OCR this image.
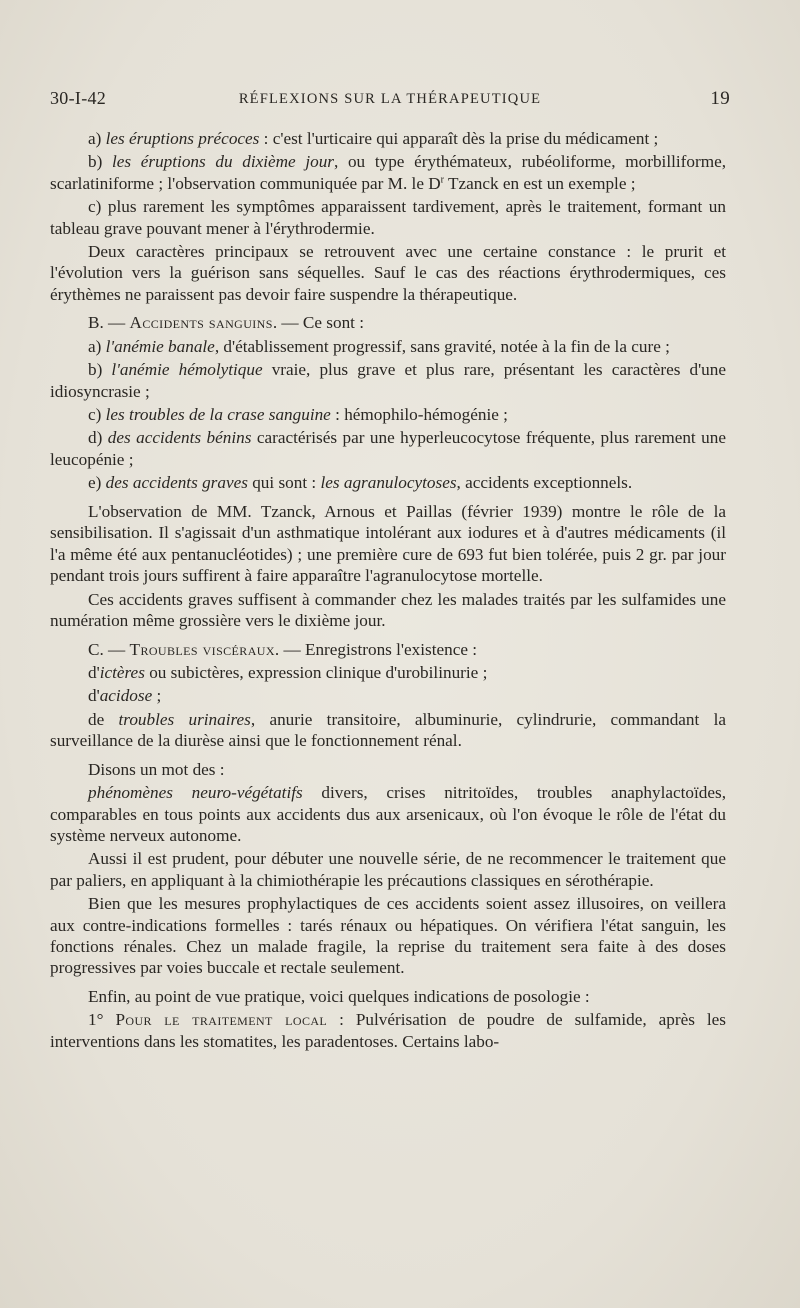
30-I-42	RÉFLEXIONS SUR LA THÉRAPEUTIQUE	19

a) les éruptions précoces : c'est l'urticaire qui apparaît dès la prise du médicament ;

b) les éruptions du dixième jour, ou type érythémateux, rubéoliforme, morbilliforme, scarlatiniforme ; l'observation communiquée par M. le $D^r$ Tzanck en est un exemple ;

c) plus rarement les symptômes apparaissent tardivement, après le traitement, formant un tableau grave pouvant mener à l'érythrodermie.

Deux caractères principaux se retrouvent avec une certaine constance : le prurit et l'évolution vers la guérison sans séquelles. Sauf le cas des réactions érythrodermiques, ces érythèmes ne paraissent pas devoir faire suspendre la thérapeutique.

B. — Accidents sanguins. — Ce sont :

a) l'anémie banale, d'établissement progressif, sans gravité, notée à la fin de la cure ;

b) l'anémie hémolytique vraie, plus grave et plus rare, présentant les caractères d'une idiosyncrasie ;

c) les troubles de la crase sanguine : hémophilo-hémogénie ;

d) des accidents bénins caractérisés par une hyperleucocytose fréquente, plus rarement une leucopénie ;

e) des accidents graves qui sont : les agranulocytoses, accidents exceptionnels.

L'observation de MM. Tzanck, Arnous et Paillas (février 1939) montre le rôle de la sensibilisation. Il s'agissait d'un asthmatique intolérant aux iodures et à d'autres médicaments (il l'a même été aux pentanucléotides) ; une première cure de 693 fut bien tolérée, puis 2 gr. par jour pendant trois jours suffirent à faire apparaître l'agranulocytose mortelle.

Ces accidents graves suffisent à commander chez les malades traités par les sulfamides une numération même grossière vers le dixième jour.

C. — Troubles viscéraux. — Enregistrons l'existence :

d'ictères ou subictères, expression clinique d'urobilinurie ;

d'acidose ;

de troubles urinaires, anurie transitoire, albuminurie, cylindrurie, commandant la surveillance de la diurèse ainsi que le fonctionnement rénal.

Disons un mot des :

phénomènes neuro-végétatifs divers, crises nitritoïdes, troubles anaphylactoïdes, comparables en tous points aux accidents dus aux arsenicaux, où l'on évoque le rôle de l'état du système nerveux autonome.

Aussi il est prudent, pour débuter une nouvelle série, de ne recommencer le traitement que par paliers, en appliquant à la chimiothérapie les précautions classiques en sérothérapie.

Bien que les mesures prophylactiques de ces accidents soient assez illusoires, on veillera aux contre-indications formelles : tarés rénaux ou hépatiques. On vérifiera l'état sanguin, les fonctions rénales. Chez un malade fragile, la reprise du traitement sera faite à des doses progressives par voies buccale et rectale seulement.

Enfin, au point de vue pratique, voici quelques indications de posologie :

1° Pour le traitement local : Pulvérisation de poudre de sulfamide, après les interventions dans les stomatites, les paradentoses. Certains labo-
